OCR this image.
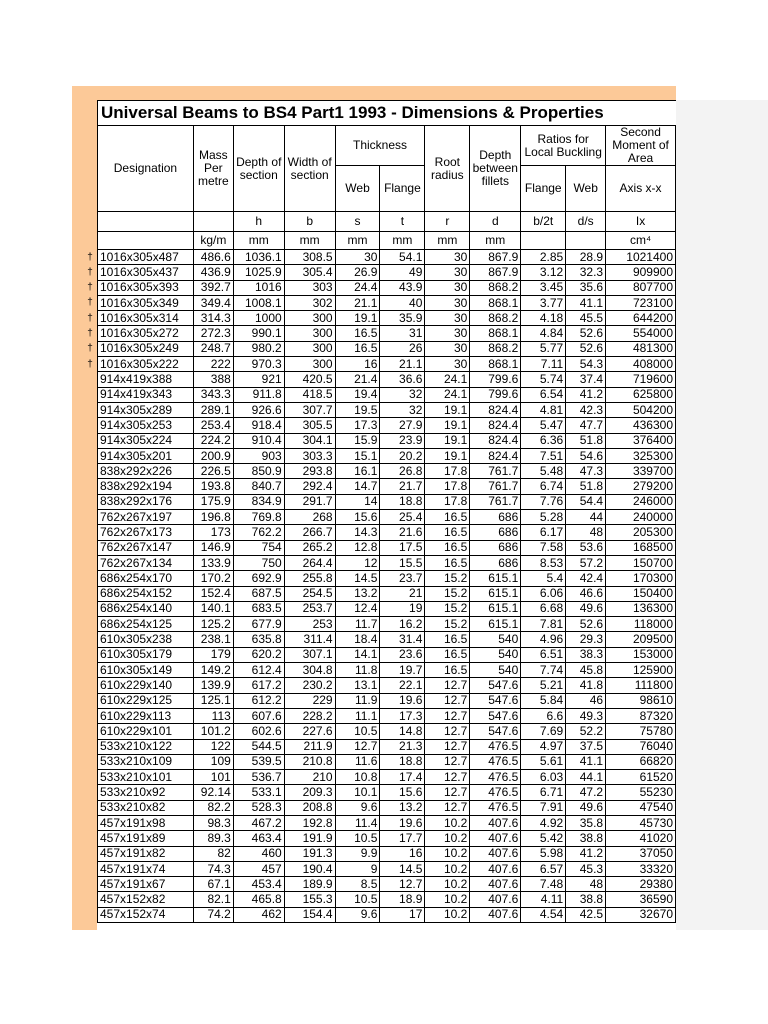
†
†
†
†
†
†
†
†
Universal Beams to BS4 Part1 1993 - Dimensions & Properties
Designation	Mass Per metre	Depth of section	Width of section	Thickness		Root radius	Depth between fillets	Ratios for Local Buckling		Second Moment of Area
				Web	Flange			Flange	Web	Axis x-x
		h	b	s	t	r	d	b/2t	d/s	Ix
	kg/m	mm	mm	mm	mm	mm	mm			cm⁴
1016x305x487	486.6	1036.1	308.5	30	54.1	30	867.9	2.85	28.9	1021400
1016x305x437	436.9	1025.9	305.4	26.9	49	30	867.9	3.12	32.3	909900
1016x305x393	392.7	1016	303	24.4	43.9	30	868.2	3.45	35.6	807700
1016x305x349	349.4	1008.1	302	21.1	40	30	868.1	3.77	41.1	723100
1016x305x314	314.3	1000	300	19.1	35.9	30	868.2	4.18	45.5	644200
1016x305x272	272.3	990.1	300	16.5	31	30	868.1	4.84	52.6	554000
1016x305x249	248.7	980.2	300	16.5	26	30	868.2	5.77	52.6	481300
1016x305x222	222	970.3	300	16	21.1	30	868.1	7.11	54.3	408000
914x419x388	388	921	420.5	21.4	36.6	24.1	799.6	5.74	37.4	719600
914x419x343	343.3	911.8	418.5	19.4	32	24.1	799.6	6.54	41.2	625800
914x305x289	289.1	926.6	307.7	19.5	32	19.1	824.4	4.81	42.3	504200
914x305x253	253.4	918.4	305.5	17.3	27.9	19.1	824.4	5.47	47.7	436300
914x305x224	224.2	910.4	304.1	15.9	23.9	19.1	824.4	6.36	51.8	376400
914x305x201	200.9	903	303.3	15.1	20.2	19.1	824.4	7.51	54.6	325300
838x292x226	226.5	850.9	293.8	16.1	26.8	17.8	761.7	5.48	47.3	339700
838x292x194	193.8	840.7	292.4	14.7	21.7	17.8	761.7	6.74	51.8	279200
838x292x176	175.9	834.9	291.7	14	18.8	17.8	761.7	7.76	54.4	246000
762x267x197	196.8	769.8	268	15.6	25.4	16.5	686	5.28	44	240000
762x267x173	173	762.2	266.7	14.3	21.6	16.5	686	6.17	48	205300
762x267x147	146.9	754	265.2	12.8	17.5	16.5	686	7.58	53.6	168500
762x267x134	133.9	750	264.4	12	15.5	16.5	686	8.53	57.2	150700
686x254x170	170.2	692.9	255.8	14.5	23.7	15.2	615.1	5.4	42.4	170300
686x254x152	152.4	687.5	254.5	13.2	21	15.2	615.1	6.06	46.6	150400
686x254x140	140.1	683.5	253.7	12.4	19	15.2	615.1	6.68	49.6	136300
686x254x125	125.2	677.9	253	11.7	16.2	15.2	615.1	7.81	52.6	118000
610x305x238	238.1	635.8	311.4	18.4	31.4	16.5	540	4.96	29.3	209500
610x305x179	179	620.2	307.1	14.1	23.6	16.5	540	6.51	38.3	153000
610x305x149	149.2	612.4	304.8	11.8	19.7	16.5	540	7.74	45.8	125900
610x229x140	139.9	617.2	230.2	13.1	22.1	12.7	547.6	5.21	41.8	111800
610x229x125	125.1	612.2	229	11.9	19.6	12.7	547.6	5.84	46	98610
610x229x113	113	607.6	228.2	11.1	17.3	12.7	547.6	6.6	49.3	87320
610x229x101	101.2	602.6	227.6	10.5	14.8	12.7	547.6	7.69	52.2	75780
533x210x122	122	544.5	211.9	12.7	21.3	12.7	476.5	4.97	37.5	76040
533x210x109	109	539.5	210.8	11.6	18.8	12.7	476.5	5.61	41.1	66820
533x210x101	101	536.7	210	10.8	17.4	12.7	476.5	6.03	44.1	61520
533x210x92	92.14	533.1	209.3	10.1	15.6	12.7	476.5	6.71	47.2	55230
533x210x82	82.2	528.3	208.8	9.6	13.2	12.7	476.5	7.91	49.6	47540
457x191x98	98.3	467.2	192.8	11.4	19.6	10.2	407.6	4.92	35.8	45730
457x191x89	89.3	463.4	191.9	10.5	17.7	10.2	407.6	5.42	38.8	41020
457x191x82	82	460	191.3	9.9	16	10.2	407.6	5.98	41.2	37050
457x191x74	74.3	457	190.4	9	14.5	10.2	407.6	6.57	45.3	33320
457x191x67	67.1	453.4	189.9	8.5	12.7	10.2	407.6	7.48	48	29380
457x152x82	82.1	465.8	155.3	10.5	18.9	10.2	407.6	4.11	38.8	36590
457x152x74	74.2	462	154.4	9.6	17	10.2	407.6	4.54	42.5	32670
